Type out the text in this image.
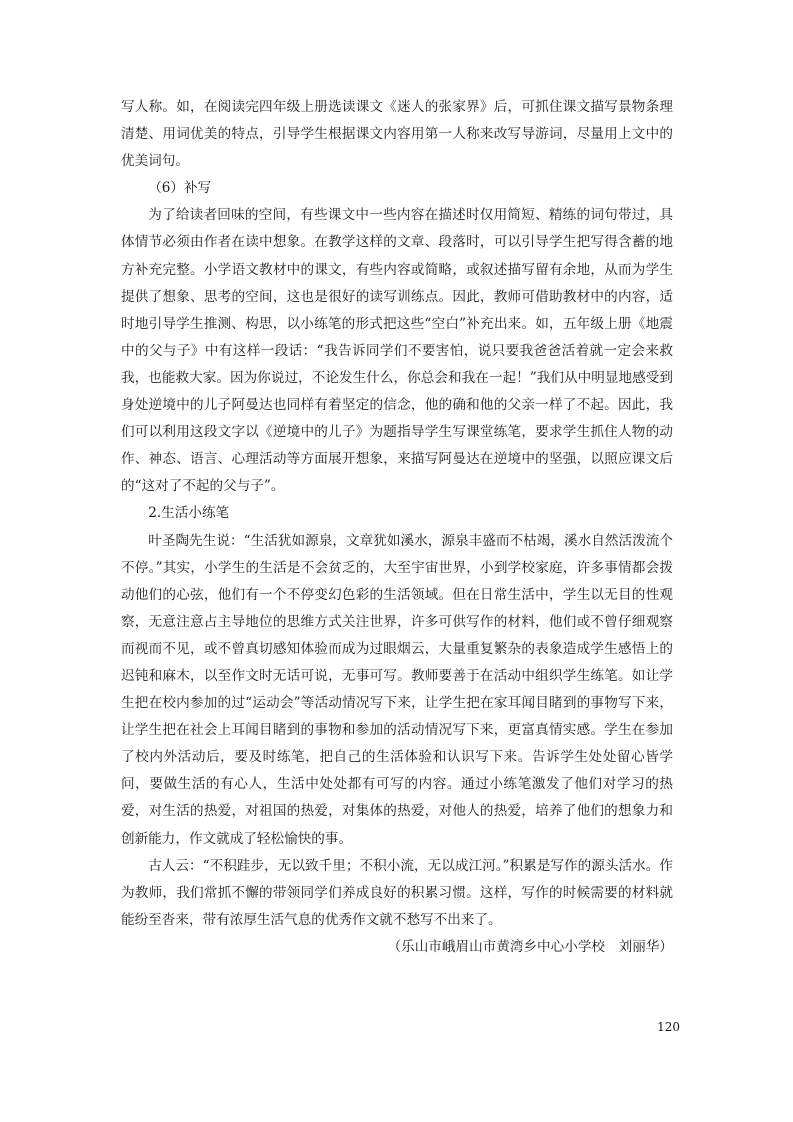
写人称。如，在阅读完四年级上册选读课文《迷人的张家界》后，可抓住课文描写景物条理清楚、用词优美的特点，引导学生根据课文内容用第一人称来改写导游词，尽量用上文中的优美词句。

（6）补写

为了给读者回味的空间，有些课文中一些内容在描述时仅用简短、精练的词句带过，具体情节必须由作者在读中想象。在教学这样的文章、段落时，可以引导学生把写得含蓄的地方补充完整。小学语文教材中的课文，有些内容或简略，或叙述描写留有余地，从而为学生提供了想象、思考的空间，这也是很好的读写训练点。因此，教师可借助教材中的内容，适时地引导学生推测、构思，以小练笔的形式把这些“空白”补充出来。如，五年级上册《地震中的父与子》中有这样一段话：“我告诉同学们不要害怕，说只要我爸爸活着就一定会来救我，也能救大家。因为你说过，不论发生什么，你总会和我在一起！”我们从中明显地感受到身处逆境中的儿子阿曼达也同样有着坚定的信念，他的确和他的父亲一样了不起。因此，我们可以利用这段文字以《逆境中的儿子》为题指导学生写课堂练笔，要求学生抓住人物的动作、神态、语言、心理活动等方面展开想象，来描写阿曼达在逆境中的坚强，以照应课文后的“这对了不起的父与子”。

2.生活小练笔

叶圣陶先生说：“生活犹如源泉，文章犹如溪水，源泉丰盛而不枯竭，溪水自然活泼流个不停。”其实，小学生的生活是不会贫乏的，大至宇宙世界，小到学校家庭，许多事情都会拨动他们的心弦，他们有一个不停变幻色彩的生活领域。但在日常生活中，学生以无目的性观察，无意注意占主导地位的思维方式关注世界，许多可供写作的材料，他们或不曾仔细观察而视而不见，或不曾真切感知体验而成为过眼烟云，大量重复繁杂的表象造成学生感悟上的迟钝和麻木，以至作文时无话可说，无事可写。教师要善于在活动中组织学生练笔。如让学生把在校内参加的过“运动会”等活动情况写下来，让学生把在家耳闻目睹到的事物写下来，让学生把在社会上耳闻目睹到的事物和参加的活动情况写下来，更富真情实感。学生在参加了校内外活动后，要及时练笔，把自己的生活体验和认识写下来。告诉学生处处留心皆学问，要做生活的有心人，生活中处处都有可写的内容。通过小练笔激发了他们对学习的热爱，对生活的热爱，对祖国的热爱，对集体的热爱，对他人的热爱，培养了他们的想象力和创新能力，作文就成了轻松愉快的事。

古人云：“不积跬步，无以致千里；不积小流，无以成江河。”积累是写作的源头活水。作为教师，我们常抓不懈的带领同学们养成良好的积累习惯。这样，写作的时候需要的材料就能纷至沓来，带有浓厚生活气息的优秀作文就不愁写不出来了。

（乐山市峨眉山市黄湾乡中心小学校　刘丽华）

120
